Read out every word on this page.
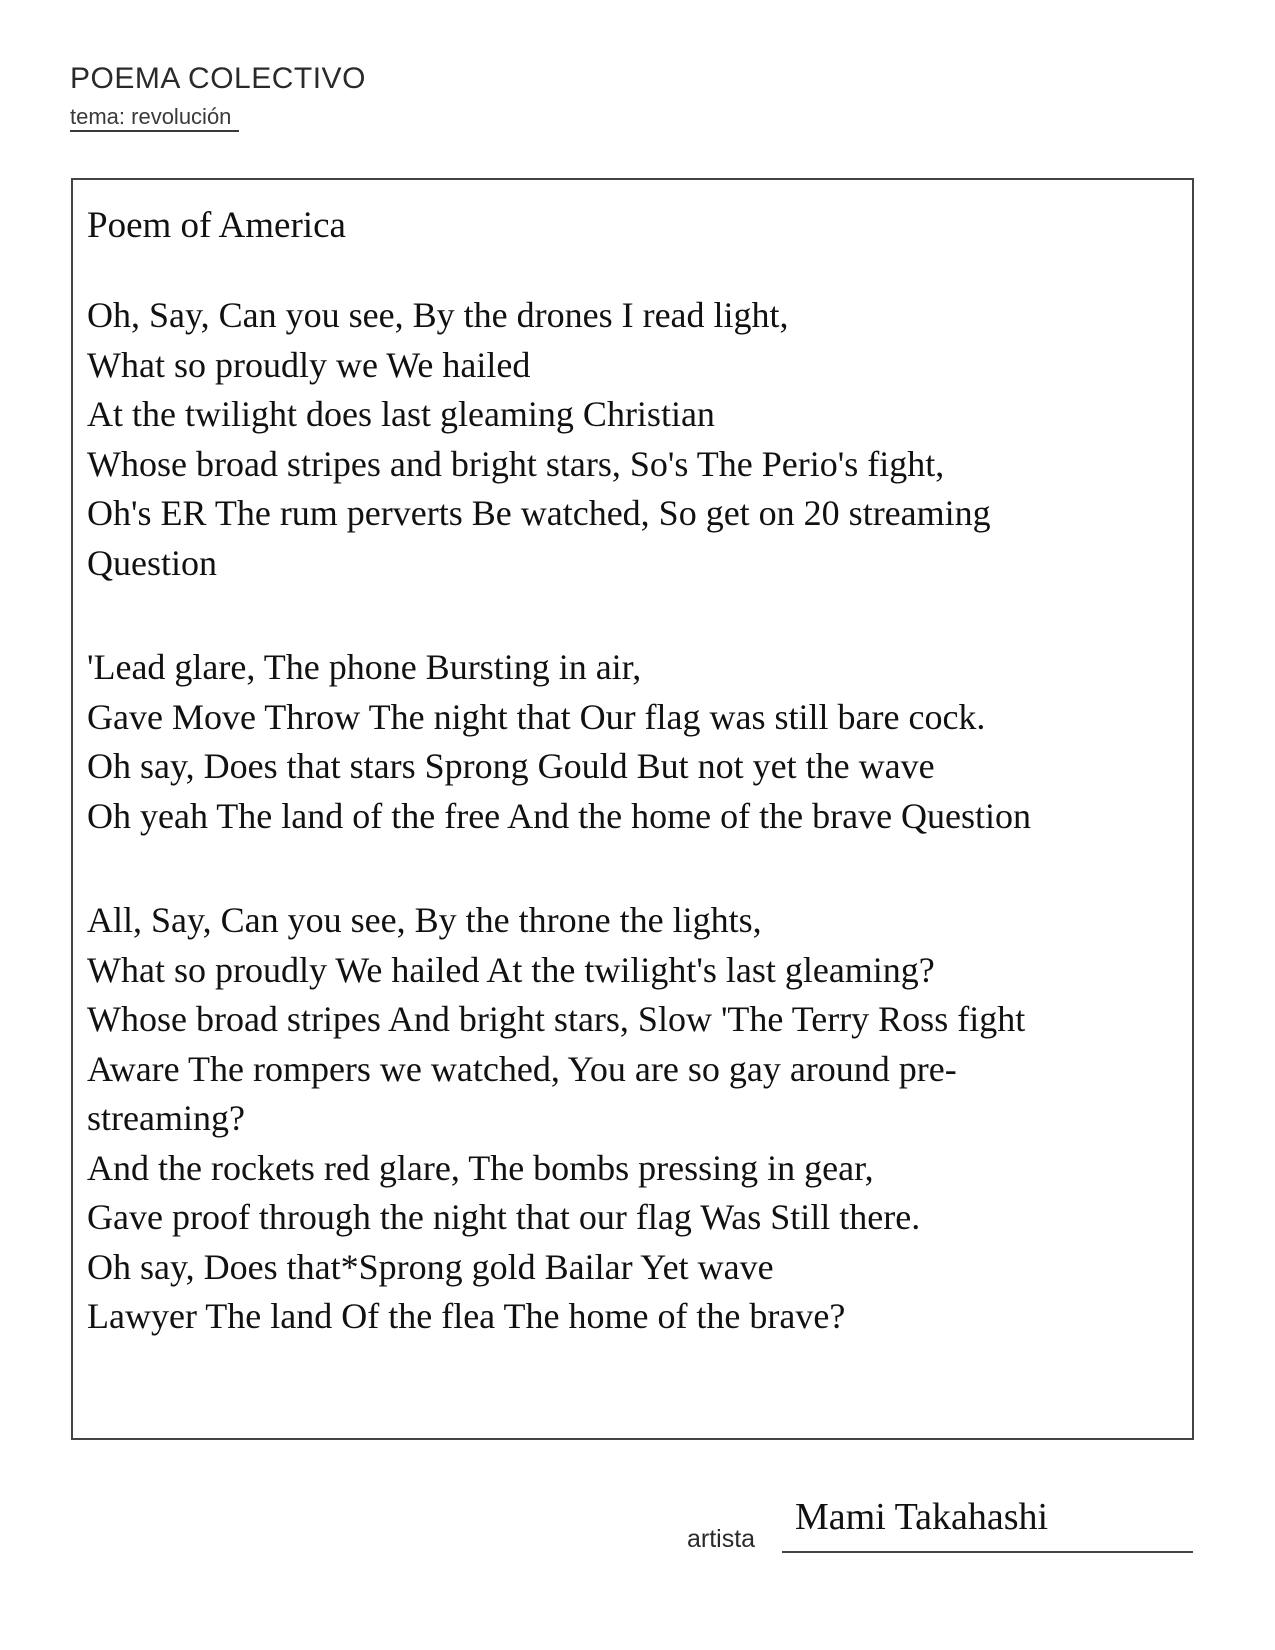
POEMA COLECTIVO
tema: revolución
Poem of America
Oh, Say, Can you see, By the drones I read light,
What so proudly we We hailed
At the twilight does last gleaming Christian
Whose broad stripes and bright stars, So's The Perio's fight,
Oh's ER The rum perverts Be watched, So get on 20 streaming
Question
'Lead glare, The phone Bursting in air,
Gave Move Throw The night that Our flag was still bare cock.
Oh say, Does that stars Sprong Gould But not yet the wave
Oh yeah The land of the free And the home of the brave Question
All, Say, Can you see, By the throne the lights,
What so proudly We hailed At the twilight's last gleaming?
Whose broad stripes And bright stars, Slow 'The Terry Ross fight
Aware The rompers we watched, You are so gay around pre-
streaming?
And the rockets red glare, The bombs pressing in gear,
Gave proof through the night that our flag Was Still there.
Oh say, Does that*Sprong gold Bailar Yet wave
Lawyer The land Of the flea The home of the brave?
artista
Mami Takahashi
